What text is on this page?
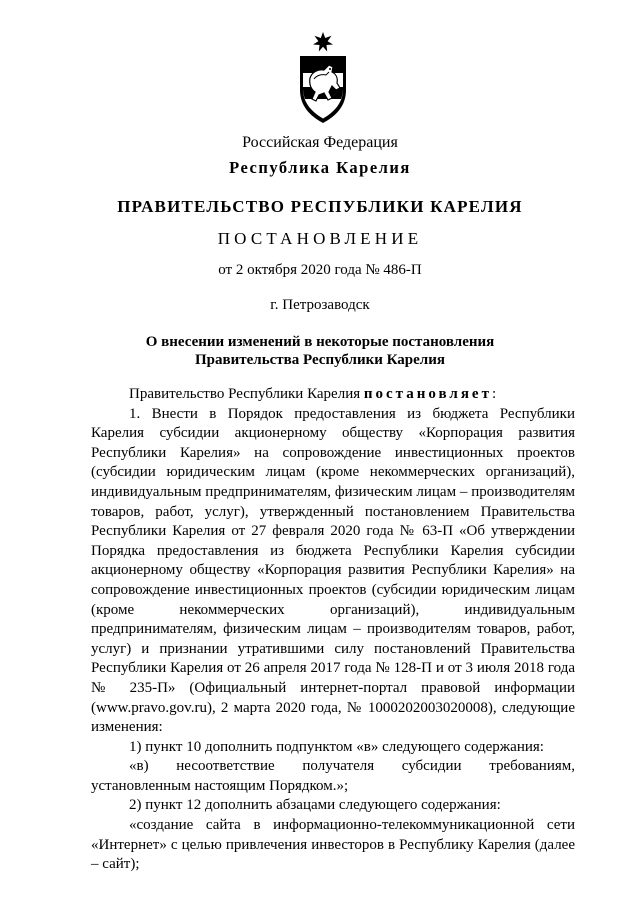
Российская Федерация
Республика Карелия
ПРАВИТЕЛЬСТВО РЕСПУБЛИКИ КАРЕЛИЯ
ПОСТАНОВЛЕНИЕ
от 2 октября 2020 года № 486-П
г. Петрозаводск
О внесении изменений в некоторые постановления
Правительства Республики Карелия

Правительство Республики Карелия постановляет:

1. Внести в Порядок предоставления из бюджета Республики Карелия субсидии акционерному обществу «Корпорация развития Республики Карелия» на сопровождение инвестиционных проектов (субсидии юридическим лицам (кроме некоммерческих организаций), индивидуальным предпринимателям, физическим лицам – производителям товаров, работ, услуг), утвержденный постановлением Правительства Республики Карелия от 27 февраля 2020 года № 63-П «Об утверждении Порядка предоставления из бюджета Республики Карелия субсидии акционерному обществу «Корпорация развития Республики Карелия» на сопровождение инвестиционных проектов (субсидии юридическим лицам (кроме некоммерческих организаций), индивидуальным предпринимателям, физическим лицам – производителям товаров, работ, услуг) и признании утратившими силу постановлений Правительства Республики Карелия от 26 апреля 2017 года № 128-П и от 3 июля 2018 года № 235-П» (Официальный интернет-портал правовой информации (www.pravo.gov.ru), 2 марта 2020 года, № 1000202003020008), следующие изменения:

1) пункт 10 дополнить подпунктом «в» следующего содержания:

«в) несоответствие получателя субсидии требованиям, установленным настоящим Порядком.»;

2) пункт 12 дополнить абзацами следующего содержания:

«создание сайта в информационно-телекоммуникационной сети «Интернет» с целью привлечения инвесторов в Республику Карелия (далее – сайт);
